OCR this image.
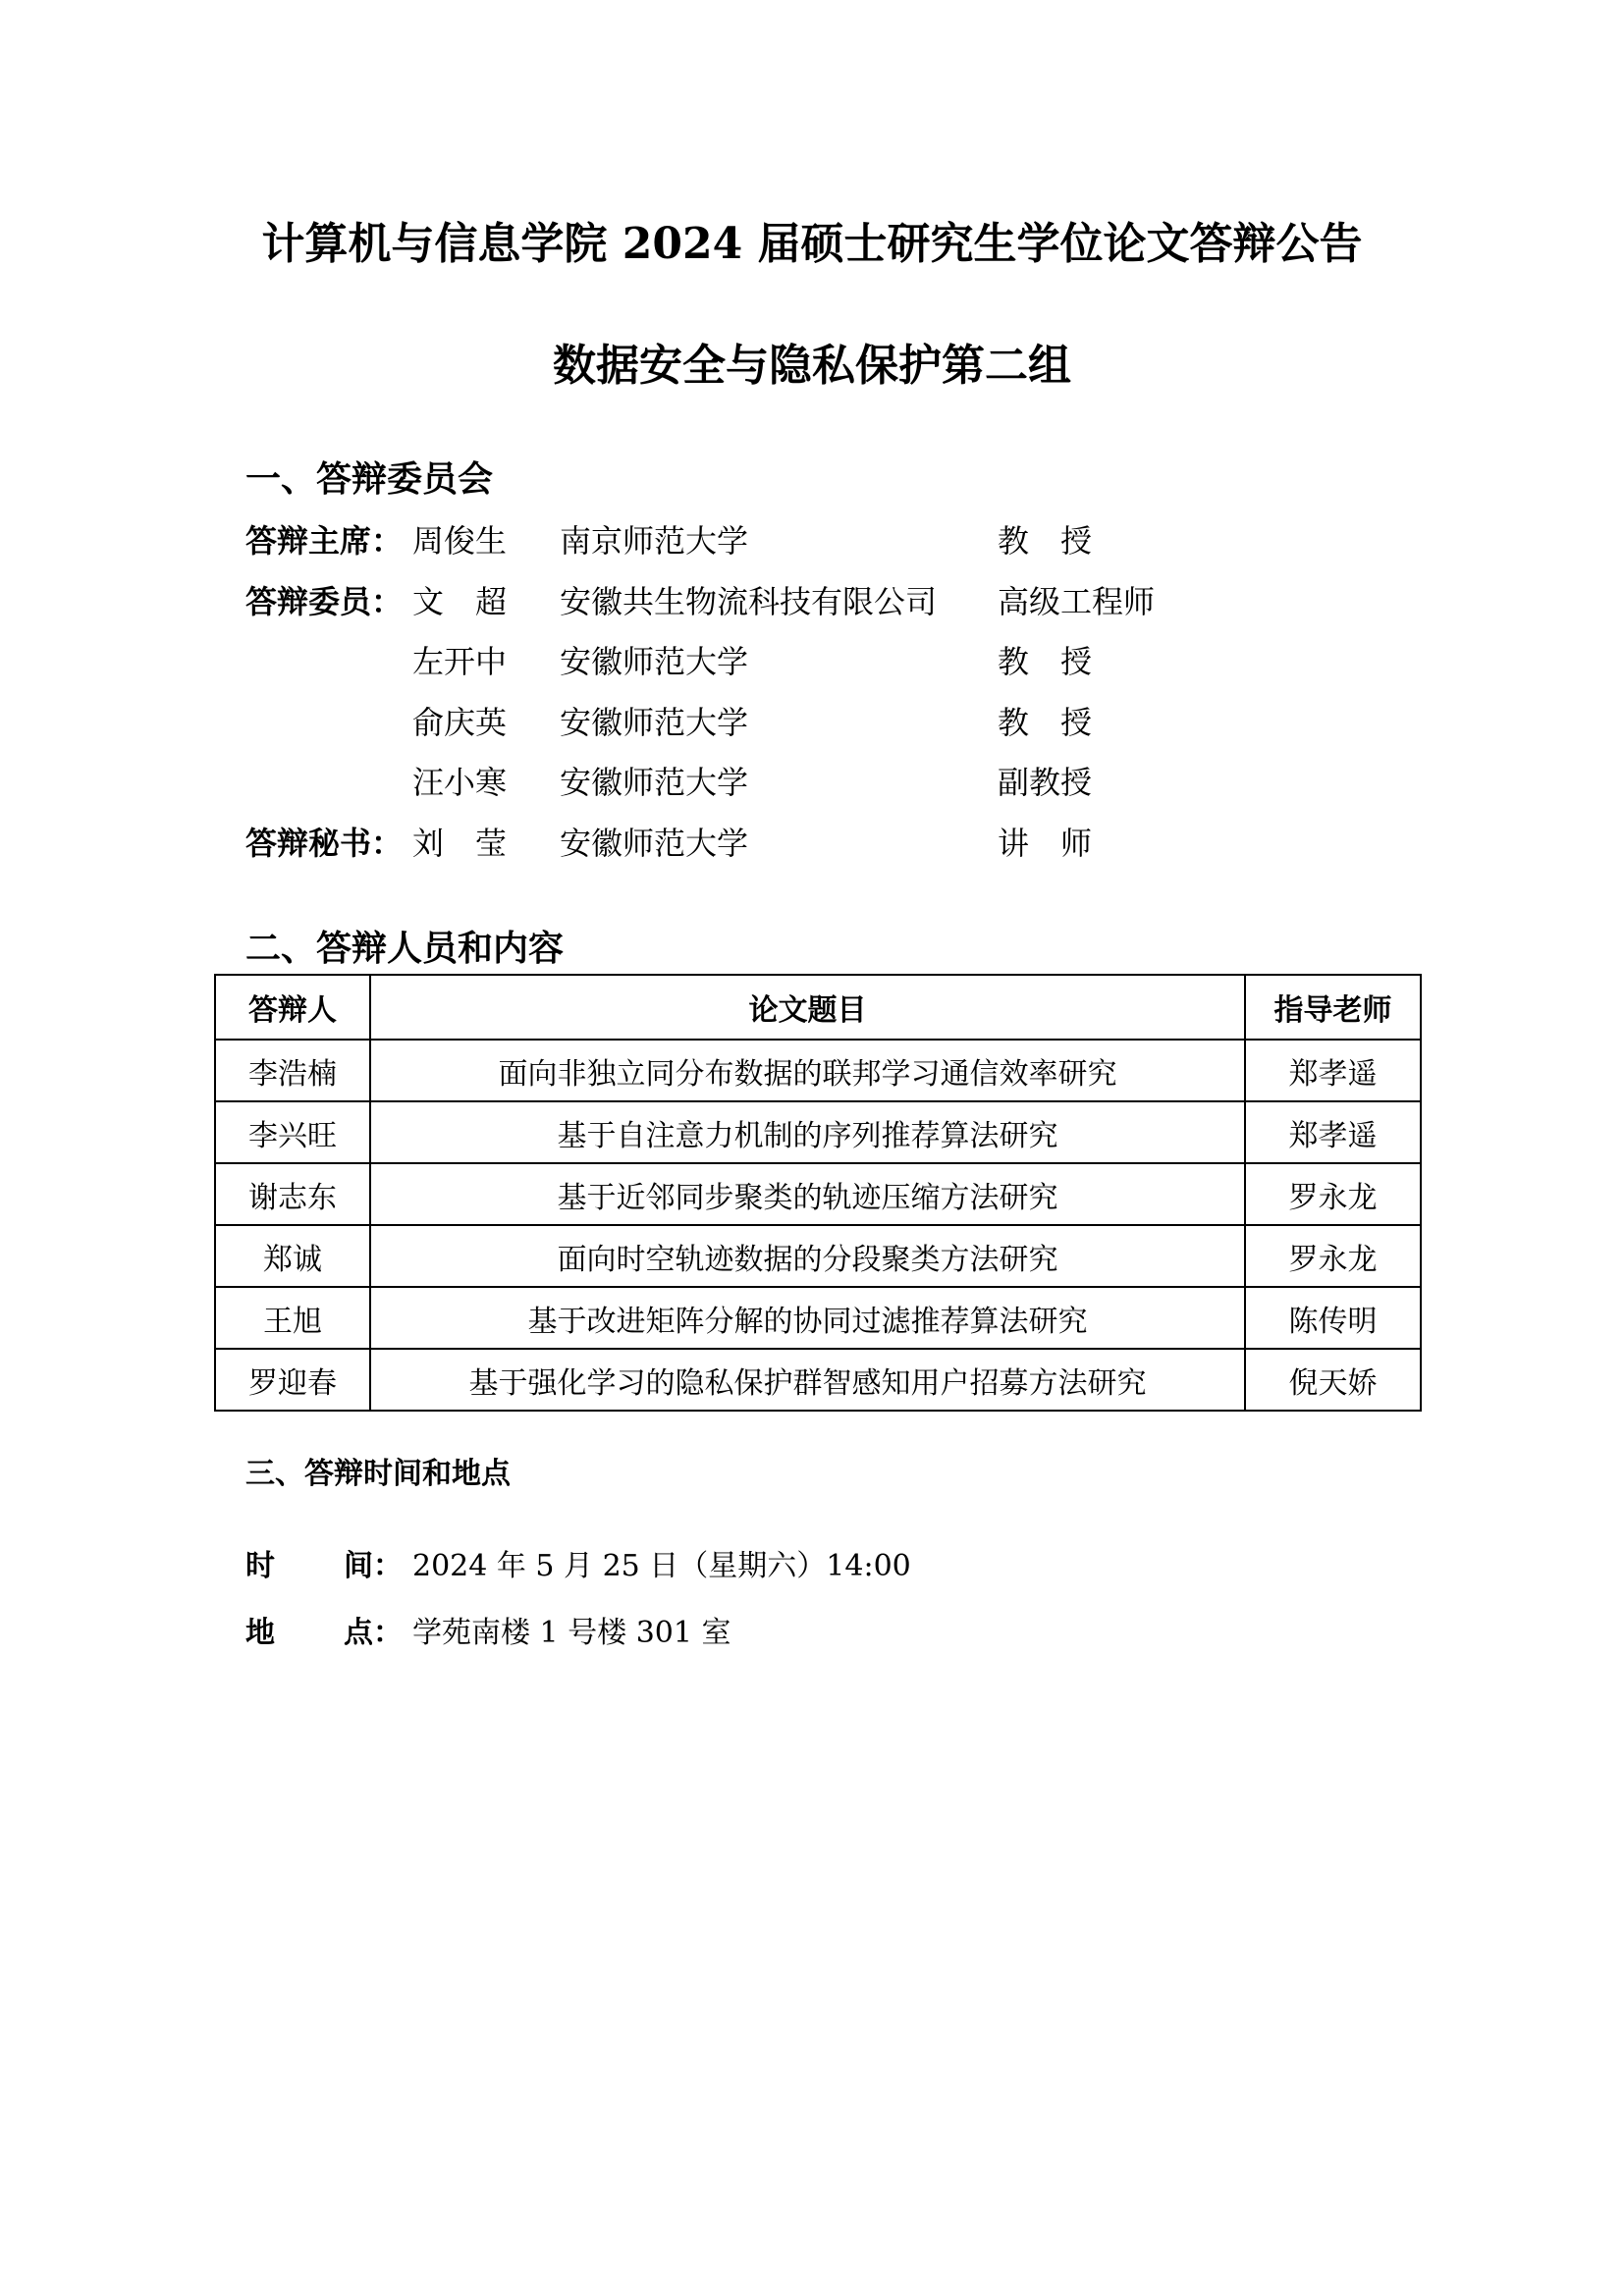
计算机与信息学院 2024 届硕士研究生学位论文答辩公告
数据安全与隐私保护第二组
一、答辩委员会
答辩主席： 周俊生 南京师范大学	教　授
答辩委员： 文　超 安徽共生物流科技有限公司 高级工程师
左开中 安徽师范大学	教　授
俞庆英 安徽师范大学	教　授
汪小寒 安徽师范大学	副教授
答辩秘书： 刘　莹 安徽师范大学	讲　师
二、答辩人员和内容
答辩人	论文题目	指导老师
李浩楠	面向非独立同分布数据的联邦学习通信效率研究	郑孝遥
李兴旺	基于自注意力机制的序列推荐算法研究	郑孝遥
谢志东	基于近邻同步聚类的轨迹压缩方法研究	罗永龙
郑诚	面向时空轨迹数据的分段聚类方法研究	罗永龙
王旭	基于改进矩阵分解的协同过滤推荐算法研究	陈传明
罗迎春	基于强化学习的隐私保护群智感知用户招募方法研究	倪天娇
三、答辩时间和地点
时 间： 2024 年 5 月 25 日（星期六）14:00
地 点： 学苑南楼 1 号楼 301 室
